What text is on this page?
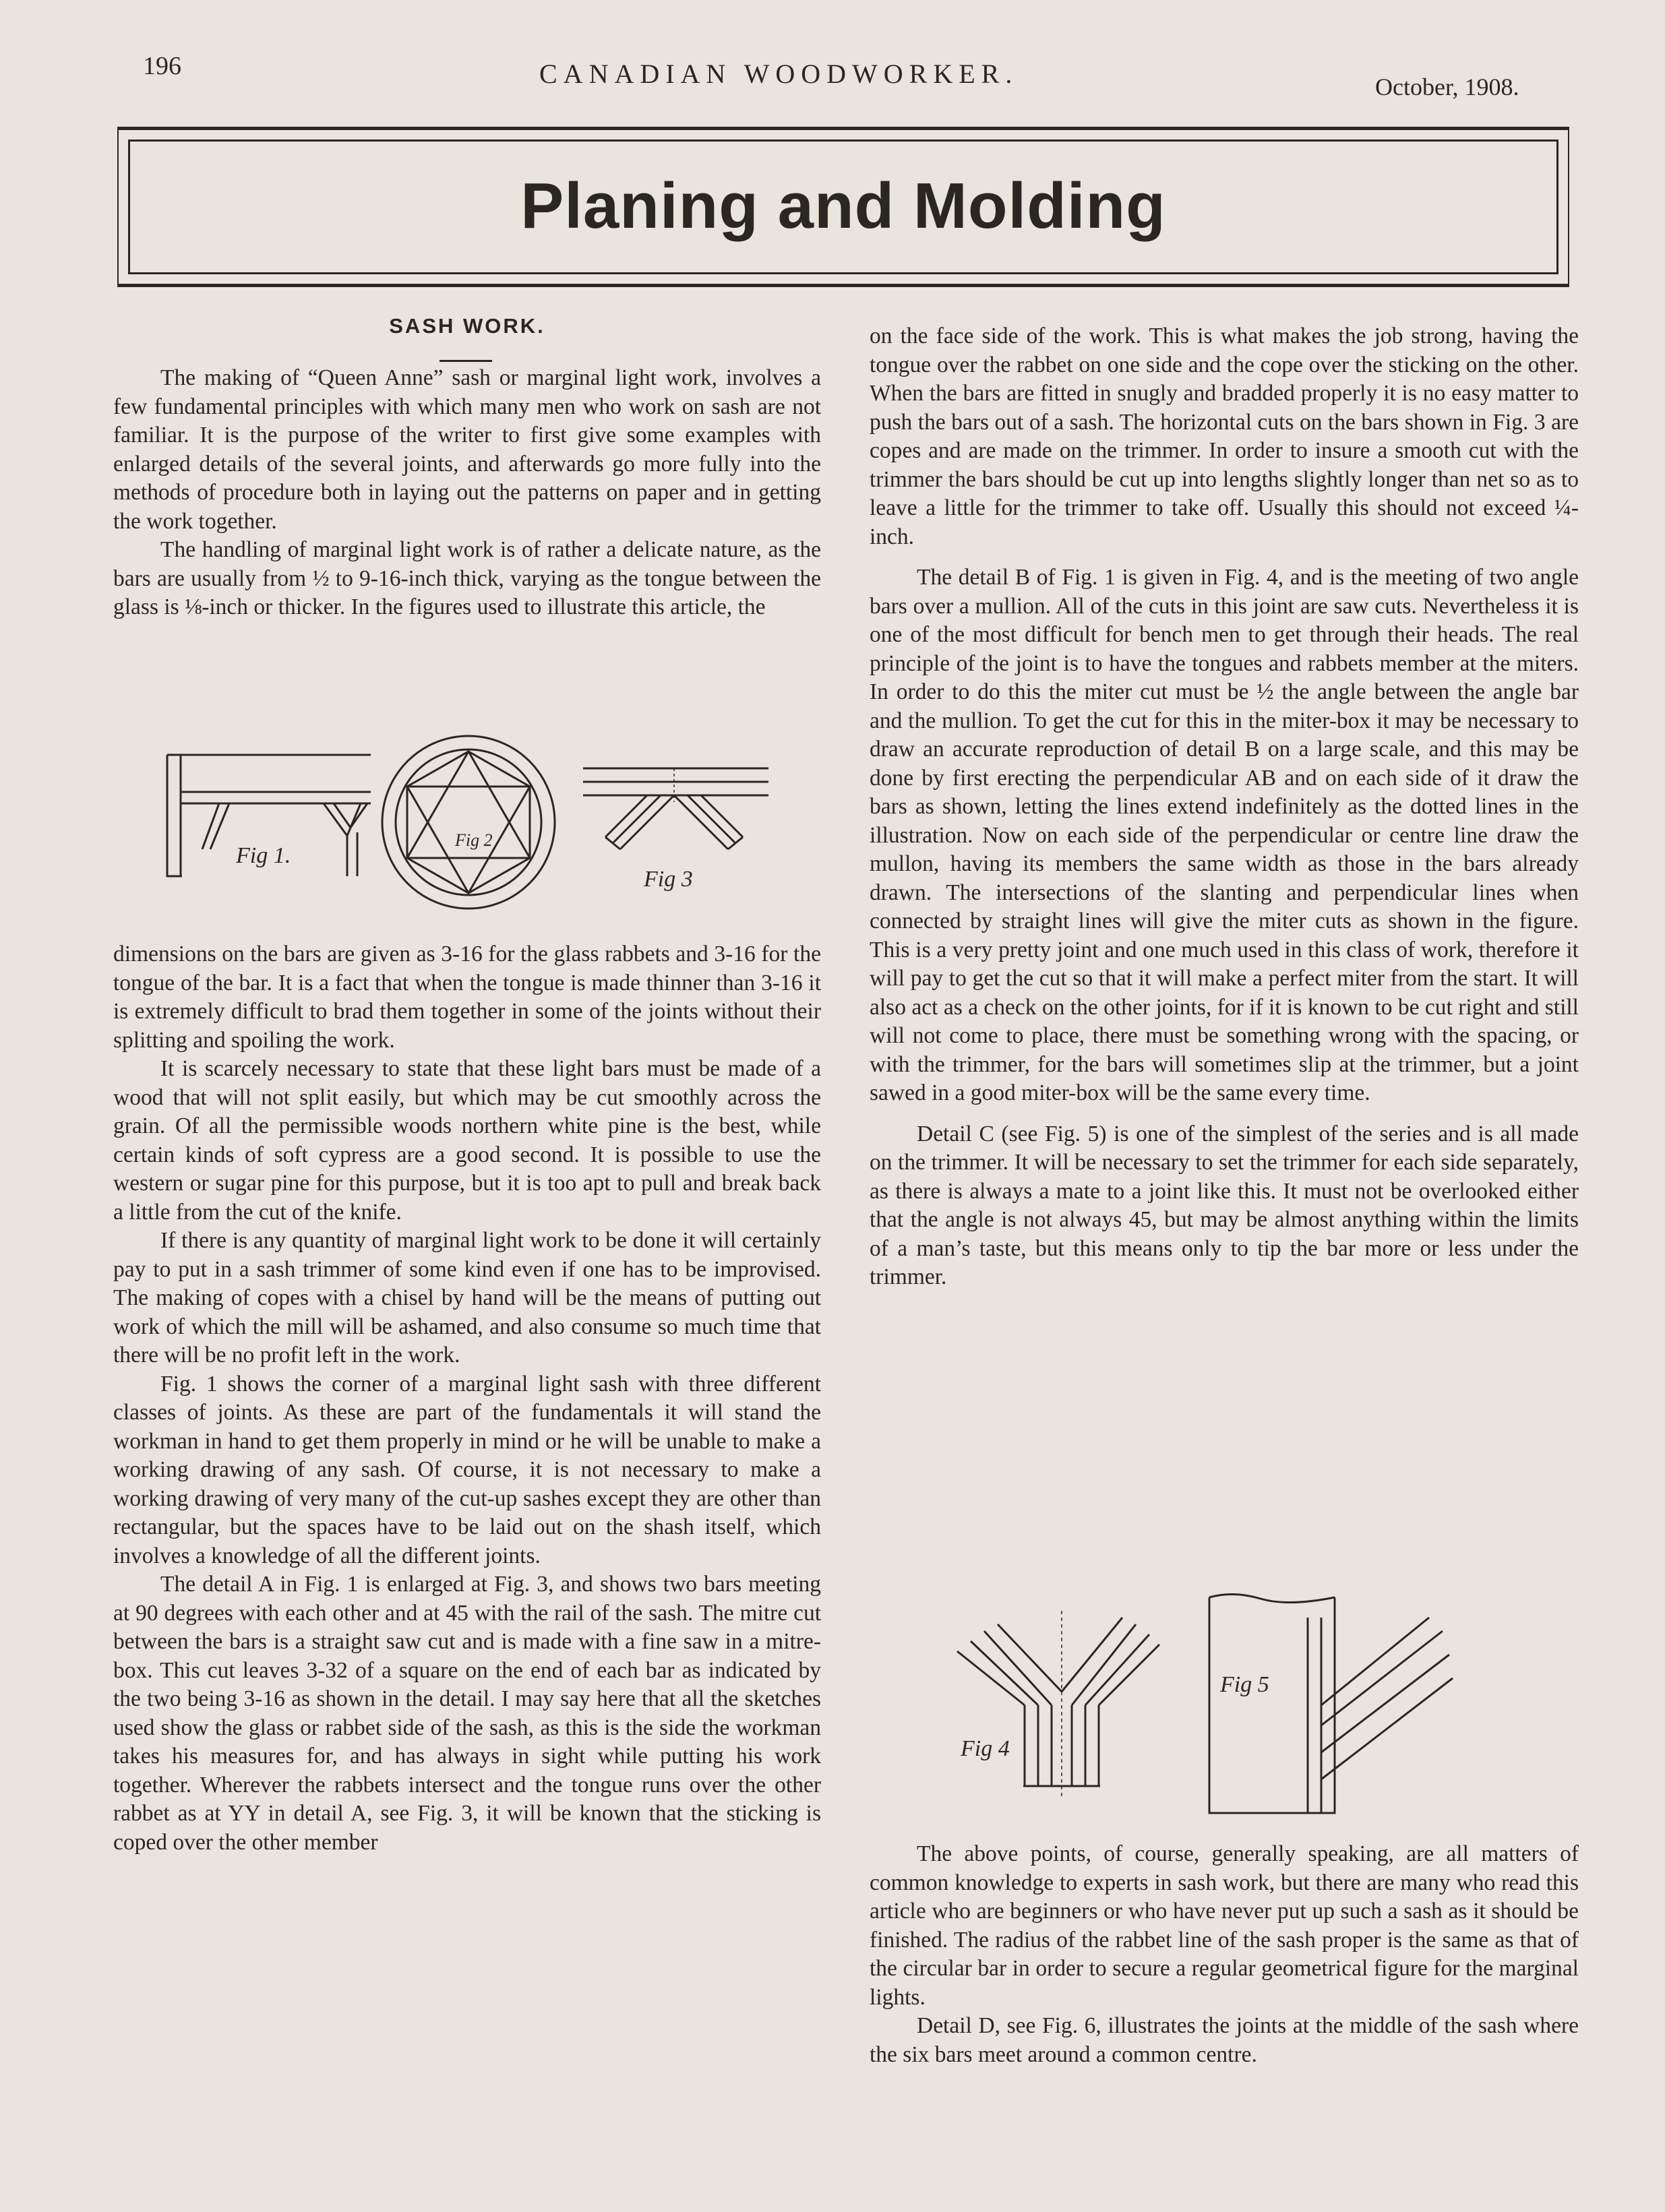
196	CANADIAN WOODWORKER.	October, 1908.
Planing and Molding
SASH WORK.

The making of “Queen Anne” sash or marginal light work, involves a few fundamental principles with which many men who work on sash are not familiar. It is the purpose of the writer to first give some examples with enlarged details of the several joints, and afterwards go more fully into the methods of procedure both in laying out the patterns on paper and in getting the work together.

The handling of marginal light work is of rather a delicate nature, as the bars are usually from ½ to 9-16-inch thick, varying as the tongue between the glass is ⅛-inch or thicker. In the figures used to illustrate this article, the

Fig 1.
Fig 2
Fig 3

dimensions on the bars are given as 3-16 for the glass rabbets and 3-16 for the tongue of the bar. It is a fact that when the tongue is made thinner than 3-16 it is extremely difficult to brad them together in some of the joints without their splitting and spoiling the work.

It is scarcely necessary to state that these light bars must be made of a wood that will not split easily, but which may be cut smoothly across the grain. Of all the permissible woods northern white pine is the best, while certain kinds of soft cypress are a good second. It is possible to use the western or sugar pine for this purpose, but it is too apt to pull and break back a little from the cut of the knife.

If there is any quantity of marginal light work to be done it will certainly pay to put in a sash trimmer of some kind even if one has to be improvised. The making of copes with a chisel by hand will be the means of putting out work of which the mill will be ashamed, and also consume so much time that there will be no profit left in the work.

Fig. 1 shows the corner of a marginal light sash with three different classes of joints. As these are part of the fundamentals it will stand the workman in hand to get them properly in mind or he will be unable to make a working drawing of any sash. Of course, it is not necessary to make a working drawing of very many of the cut-up sashes except they are other than rectangular, but the spaces have to be laid out on the shash itself, which involves a knowledge of all the different joints.

The detail A in Fig. 1 is enlarged at Fig. 3, and shows two bars meeting at 90 degrees with each other and at 45 with the rail of the sash. The mitre cut between the bars is a straight saw cut and is made with a fine saw in a mitre-box. This cut leaves 3-32 of a square on the end of each bar as indicated by the two being 3-16 as shown in the detail. I may say here that all the sketches used show the glass or rabbet side of the sash, as this is the side the workman takes his measures for, and has always in sight while putting his work together. Wherever the rabbets intersect and the tongue runs over the other rabbet as at YY in detail A, see Fig. 3, it will be known that the sticking is coped over the other member

on the face side of the work. This is what makes the job strong, having the tongue over the rabbet on one side and the cope over the sticking on the other. When the bars are fitted in snugly and bradded properly it is no easy matter to push the bars out of a sash. The horizontal cuts on the bars shown in Fig. 3 are copes and are made on the trimmer. In order to insure a smooth cut with the trimmer the bars should be cut up into lengths slightly longer than net so as to leave a little for the trimmer to take off. Usually this should not exceed ¼-inch.

The detail B of Fig. 1 is given in Fig. 4, and is the meeting of two angle bars over a mullion. All of the cuts in this joint are saw cuts. Nevertheless it is one of the most difficult for bench men to get through their heads. The real principle of the joint is to have the tongues and rabbets member at the miters. In order to do this the miter cut must be ½ the angle between the angle bar and the mullion. To get the cut for this in the miter-box it may be necessary to draw an accurate reproduction of detail B on a large scale, and this may be done by first erecting the perpendicular AB and on each side of it draw the bars as shown, letting the lines extend indefinitely as the dotted lines in the illustration. Now on each side of the perpendicular or centre line draw the mullon, having its members the same width as those in the bars already drawn. The intersections of the slanting and perpendicular lines when connected by straight lines will give the miter cuts as shown in the figure. This is a very pretty joint and one much used in this class of work, therefore it will pay to get the cut so that it will make a perfect miter from the start. It will also act as a check on the other joints, for if it is known to be cut right and still will not come to place, there must be something wrong with the spacing, or with the trimmer, for the bars will sometimes slip at the trimmer, but a joint sawed in a good miter-box will be the same every time.

Detail C (see Fig. 5) is one of the simplest of the series and is all made on the trimmer. It will be necessary to set the trimmer for each side separately, as there is always a mate to a joint like this. It must not be overlooked either that the angle is not always 45, but may be almost anything within the limits of a man’s taste, but this means only to tip the bar more or less under the trimmer.

Fig 4
Fig 5

The above points, of course, generally speaking, are all matters of common knowledge to experts in sash work, but there are many who read this article who are beginners or who have never put up such a sash as it should be finished. The radius of the rabbet line of the sash proper is the same as that of the circular bar in order to secure a regular geometrical figure for the marginal lights.

Detail D, see Fig. 6, illustrates the joints at the middle of the sash where the six bars meet around a common centre.
